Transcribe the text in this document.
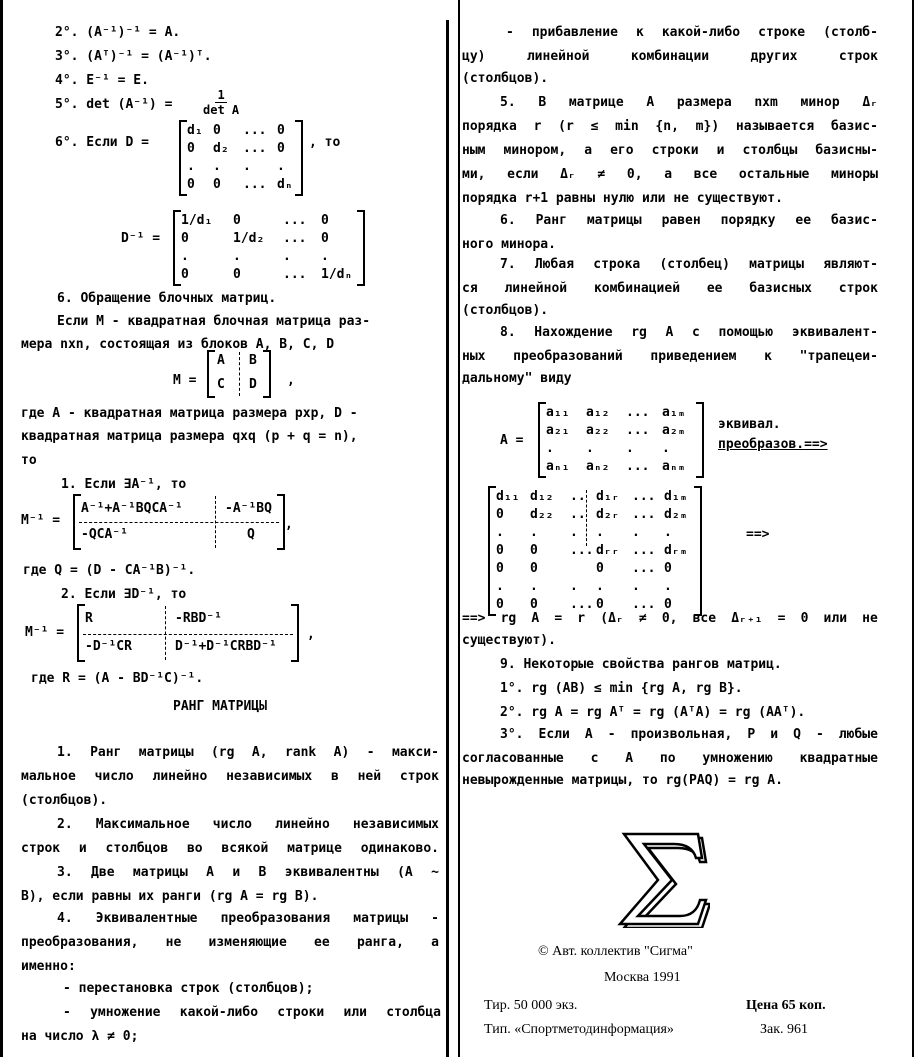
2°. (A⁻¹)⁻¹ = A.
3°. (Aᵀ)⁻¹ = (A⁻¹)ᵀ.
4°. E⁻¹ = E.
5°. det (A⁻¹) =
1
det A
6°. Если D =
d₁ 0	... 0
0	d₂	... 0
.	.	.	.
0	0	... dₙ
, то
D⁻¹ =
1/d₁	0	...	0
0	1/d₂	...	0
.	.	.	.
0	0	...	1/dₙ
6. Обращение блочных матриц.
Если М - квадратная блочная матрица раз-
мера nxn, состоящая из блоков A, B, C, D
М =
A B
C D ,
где A - квадратная матрица размера pxp, D -
квадратная матрица размера qxq (p + q = n),
то
1. Если ∃A⁻¹, то
М⁻¹ =
A⁻¹+A⁻¹BQCA⁻¹	-A⁻¹BQ
-QCA⁻¹	Q
,
где Q = (D - CA⁻¹B)⁻¹.
2. Если ∃D⁻¹, то
М⁻¹ =
R	-RBD⁻¹
-D⁻¹CR	D⁻¹+D⁻¹CRBD⁻¹
,
где R = (A - BD⁻¹C)⁻¹.
РАНГ МАТРИЦЫ
1. Ранг матрицы (rg A, rank A) - макси-
мальное число линейно независимых в ней строк
(столбцов).
2. Максимальное число линейно независимых
строк и столбцов во всякой матрице одинаково.
3. Две матрицы A и B эквивалентны (A ~
B), если равны их ранги (rg A = rg B).
4. Эквивалентные преобразования матрицы -
преобразования, не изменяющие ее ранга, а
именно:
- перестановка строк (столбцов);
- умножение какой-либо строки или столбца
на число λ ≠ 0;
- прибавление к какой-либо строке (столб-
цу)	линейной	комбинации	других	строк
(столбцов).
5. В матрице A размера nxm минор Δᵣ
порядка r (r ≤ min {n, m}) называется базис-
ным минором, а его строки и столбцы базисны-
ми, если Δᵣ ≠ 0, а все остальные миноры
порядка r+1 равны нулю или не существуют.
6. Ранг матрицы равен порядку ее базис-
ного минора.
7. Любая строка (столбец) матрицы являют-
ся линейной комбинацией ее базисных строк
(столбцов).
8. Нахождение rg A с помощью эквивалент-
ных преобразований приведением к "трапецеи-
дальному" виду
A =
a₁₁	a₁₂	... a₁ₘ
a₂₁	a₂₂	... a₂ₘ
.	.	.	.
aₙ₁	aₙ₂	... aₙₘ
эквивал.
преобразов.==>
d₁₁ d₁₂	.. d₁ᵣ ... d₁ₘ
0	d₂₂	.. d₂ᵣ ... d₂ₘ
.	.	.	.	.	.
0	0	... dᵣᵣ ... dᵣₘ
0	0	0	... 0
.	.	.	.	.	.
0	0	... 0	... 0
==>
==> rg A = r (Δᵣ ≠ 0, все Δᵣ₊₁ = 0 или не
существуют).
9. Некоторые свойства рангов матриц.
1°. rg (AB) ≤ min {rg A, rg B}.
2°. rg A = rg Aᵀ = rg (AᵀA) = rg (AAᵀ).
3°. Если A - произвольная, P и Q - любые
согласованные с A по умножению квадратные
невырожденные матрицы, то rg(PAQ) = rg A.
© Авт. коллектив "Сигма"
Москва 1991
Тир. 50 000 экз.	Цена 65 коп.
Тип. «Спортметодинформация»	Зак. 961
